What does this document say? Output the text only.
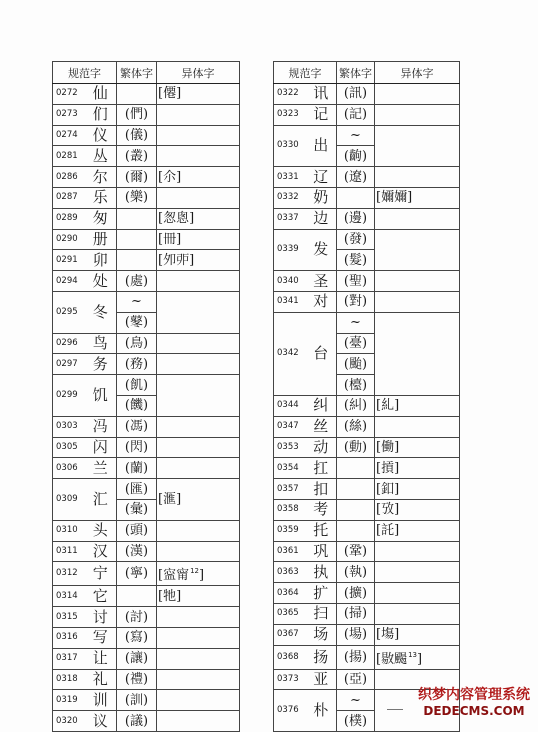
规范字		繁体字	异体字
0272	仙		[僊]
0273	们	(們)	
0274	仪	(儀)	
0281	丛	(叢)	
0286	尔	(爾)	[尒]
0287	乐	(樂)	
0289	匆		[怱悤]
0290	册		[冊]
0291	卯		[夘戼]
0294	处	(處)	
0295	冬	~	
		(鼕)	
0296	鸟	(鳥)	
0297	务	(務)	
0299	饥	(飢)	
		(饑)	
0303	冯	(馮)	
0305	闪	(閃)	
0306	兰	(蘭)	
0309	汇	(匯)	[滙]
		(彙)	
0310	头	(頭)	
0311	汉	(漢)	
0312	宁	(寧)	[寍甯$^{12}$]
0314	它		[牠]
0315	讨	(討)	
0316	写	(寫)	
0317	让	(讓)	
0318	礼	(禮)	
0319	训	(訓)	
0320	议	(議)	
规范字		繁体字	异体字
0322	讯	(訊)	
0323	记	(記)	
0330	出	~	
		(齣)	
0331	辽	(遼)	
0332	奶		[嬭嬭]
0337	边	(邊)	
0339	发	(發)	
		(髮)	
0340	圣	(聖)	
0341	对	(對)	
0342	台	~	
		(臺)	
		(颱)	
		(檯)	
0344	纠	(糾)	[糺]
0347	丝	(絲)	
0353	动	(動)	[働]
0354	扛		[摃]
0357	扣		[釦]
0358	考		[攷]
0359	托		[託]
0361	巩	(鞏)	
0363	执	(執)	
0364	扩	(擴)	
0365	扫	(掃)	
0367	场	(場)	[塲]
0368	扬	(揚)	[敭颺$^{13}$]
0373	亚	(亞)	
0376	朴	~	
		(樸)	
织梦内容管理系统
DEDECMS.COM
